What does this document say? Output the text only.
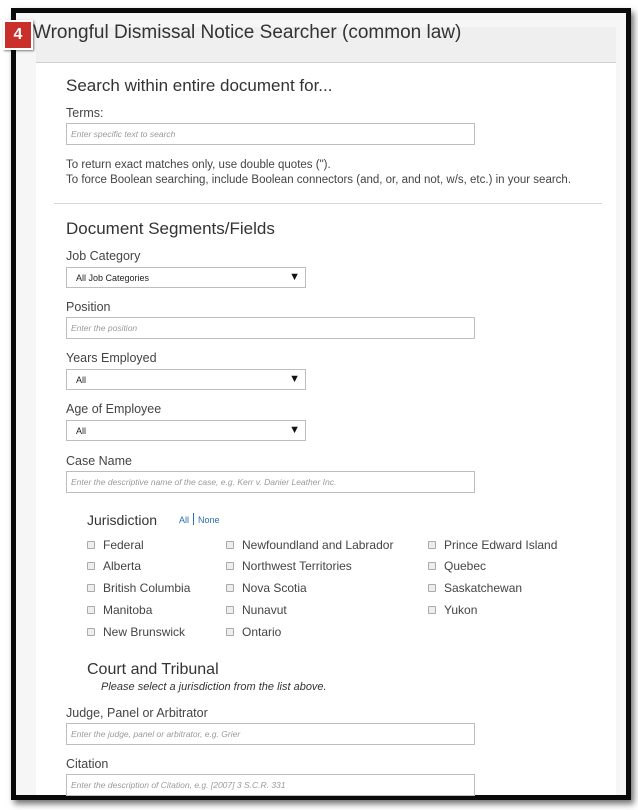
4 Wrongful Dismissal Notice Searcher (common law)
Search within entire document for...
Terms:
Enter specific text to search
To return exact matches only, use double quotes (").
To force Boolean searching, include Boolean connectors (and, or, and not, w/s, etc.) in your search.
Document Segments/Fields
Job Category
All Job Categories	▼
Position
Enter the position
Years Employed
All	▼
Age of Employee
All	▼
Case Name
Enter the descriptive name of the case, e.g. Kerr v. Danier Leather Inc.
Jurisdiction All None
Federal
Alberta
British Columbia
Manitoba
New Brunswick
Newfoundland and Labrador
Northwest Territories
Nova Scotia
Nunavut
Ontario
Prince Edward Island
Quebec
Saskatchewan
Yukon
Court and Tribunal
Please select a jurisdiction from the list above.
Judge, Panel or Arbitrator
Enter the judge, panel or arbitrator, e.g. Grier
Citation
Enter the description of Citation, e.g. [2007] 3 S.C.R. 331
